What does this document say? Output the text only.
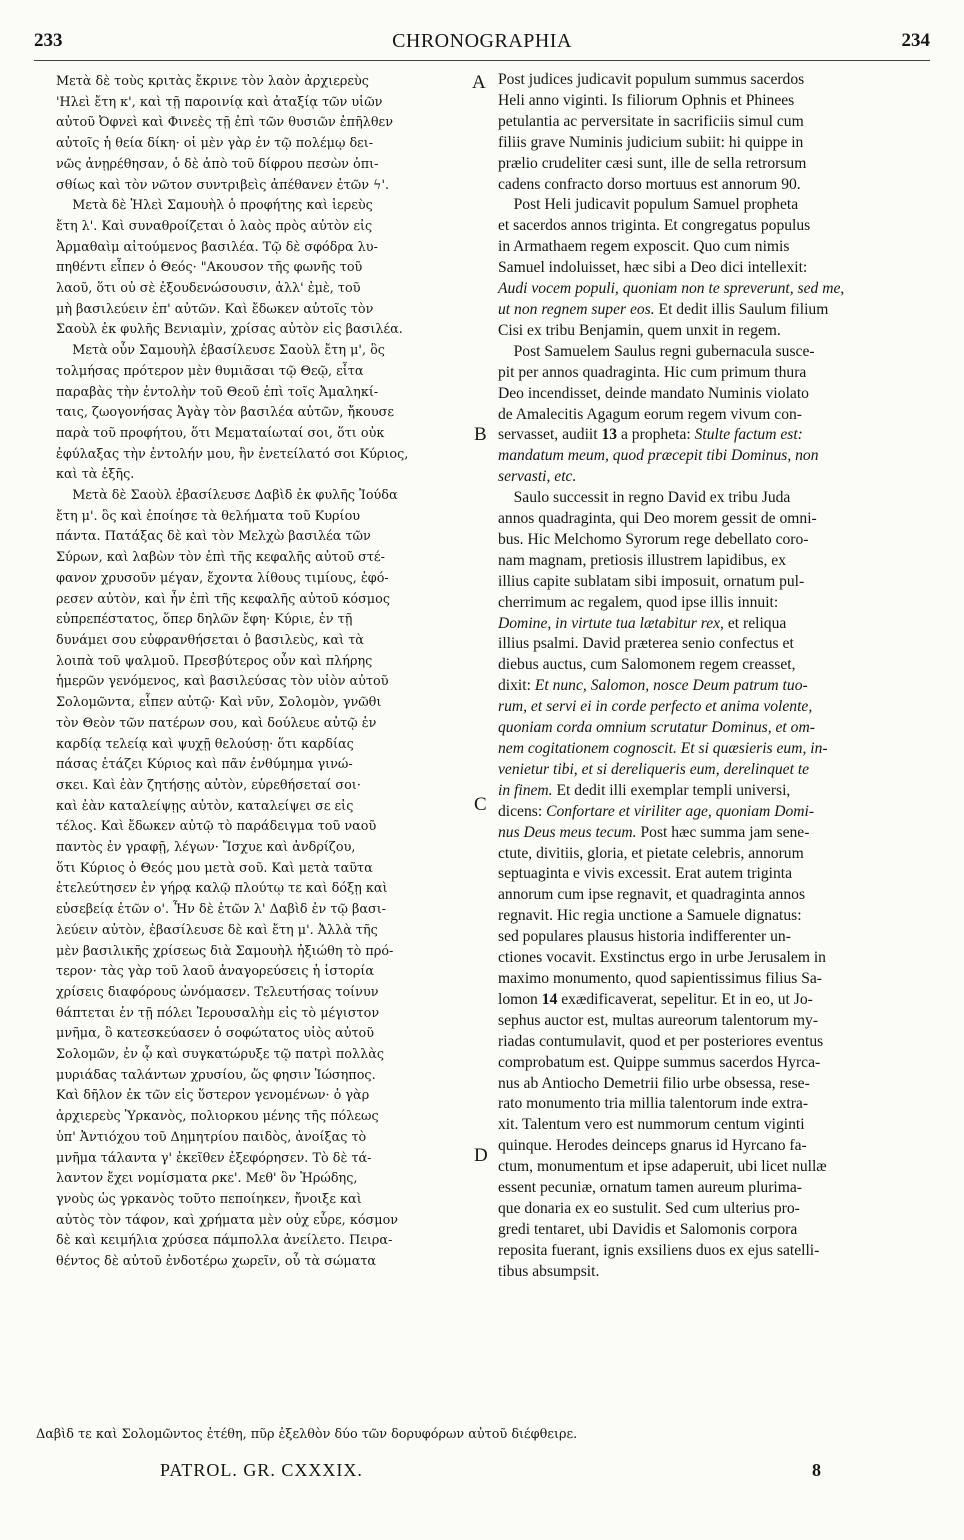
233	CHRONOGRAPHIA	234
Μετὰ δὲ τοὺς κριτὰς ἔκρινε τὸν λαὸν ἀρχιερεὺς
'Ηλεὶ ἔτη κ', καὶ τῇ παροινίᾳ καὶ ἀταξίᾳ τῶν υἱῶν
αὐτοῦ Ὀφνεὶ καὶ Φινεὲς τῇ ἐπὶ τῶν θυσιῶν ἐπῆλθεν
αὐτοῖς ἡ θεία δίκη· οἱ μὲν γὰρ ἐν τῷ πολέμῳ δει-
νῶς ἀνῃρέθησαν, ὁ δὲ ἀπὸ τοῦ δίφρου πεσὼν ὀπι-
σθίως καὶ τὸν νῶτον συντριβεὶς ἀπέθανεν ἐτῶν ϟ'.
Μετὰ δὲ Ἡλεὶ Σαμουὴλ ὁ προφήτης καὶ ἱερεὺς
ἔτη λ'. Καὶ συναθροίζεται ὁ λαὸς πρὸς αὐτὸν εἰς
Ἀρμαθαὶμ αἰτούμενος βασιλέα. Τῷ δὲ σφόδρα λυ-
πηθέντι εἶπεν ὁ Θεός· "Ακουσον τῆς φωνῆς τοῦ
λαοῦ, ὅτι οὐ σὲ ἐξουδενώσουσιν, ἀλλ' ἐμὲ, τοῦ
μὴ βασιλεύειν ἐπ' αὐτῶν. Καὶ ἔδωκεν αὐτοῖς τὸν
Σαοὺλ ἐκ φυλῆς Βενιαμὶν, χρίσας αὐτὸν εἰς βασιλέα.
Μετὰ οὖν Σαμουὴλ ἐβασίλευσε Σαοὺλ ἔτη μ', ὃς
τολμήσας πρότερον μὲν θυμιᾶσαι τῷ Θεῷ, εἶτα
παραβὰς τὴν ἐντολὴν τοῦ Θεοῦ ἐπὶ τοῖς Ἀμαληκί-
ταις, ζωογονήσας Ἀγὰγ τὸν βασιλέα αὐτῶν, ἤκουσε
παρὰ τοῦ προφήτου, ὅτι Μεματαίωταί σοι, ὅτι οὐκ
ἐφύλαξας τὴν ἐντολήν μου, ἣν ἐνετείλατό σοι Κύριος,
καὶ τὰ ἑξῆς.
Μετὰ δὲ Σαοὺλ ἐβασίλευσε Δαβὶδ ἐκ φυλῆς Ἰούδα
ἔτη μ'. ὃς καὶ ἐποίησε τὰ θελήματα τοῦ Κυρίου
πάντα. Πατάξας δὲ καὶ τὸν Μελχὼ βασιλέα τῶν
Σύρων, καὶ λαβὼν τὸν ἐπὶ τῆς κεφαλῆς αὐτοῦ στέ-
φανον χρυσοῦν μέγαν, ἔχοντα λίθους τιμίους, ἐφό-
ρεσεν αὐτὸν, καὶ ἦν ἐπὶ τῆς κεφαλῆς αὐτοῦ κόσμος
εὐπρεπέστατος, ὅπερ δηλῶν ἔφη· Κύριε, ἐν τῇ
δυνάμει σου εὐφρανθήσεται ὁ βασιλεὺς, καὶ τὰ
λοιπὰ τοῦ ψαλμοῦ. Πρεσβύτερος οὖν καὶ πλήρης
ἡμερῶν γενόμενος, καὶ βασιλεύσας τὸν υἱὸν αὐτοῦ
Σολομῶντα, εἶπεν αὐτῷ· Καὶ νῦν, Σολομὸν, γνῶθι
τὸν Θεὸν τῶν πατέρων σου, καὶ δούλευε αὐτῷ ἐν
καρδίᾳ τελείᾳ καὶ ψυχῇ θελούσῃ· ὅτι καρδίας
πάσας ἐτάζει Κύριος καὶ πᾶν ἐνθύμημα γινώ-
σκει. Καὶ ἐὰν ζητήσῃς αὐτὸν, εὑρεθήσεταί σοι·
καὶ ἐὰν καταλείψῃς αὐτὸν, καταλείψει σε εἰς
τέλος. Καὶ ἔδωκεν αὐτῷ τὸ παράδειγμα τοῦ ναοῦ
παντὸς ἐν γραφῇ, λέγων· Ἴσχυε καὶ ἀνδρίζου,
ὅτι Κύριος ὁ Θεός μου μετὰ σοῦ. Καὶ μετὰ ταῦτα
ἐτελεύτησεν ἐν γήρᾳ καλῷ πλούτῳ τε καὶ δόξῃ καὶ
εὐσεβείᾳ ἐτῶν ο'. Ἦν δὲ ἐτῶν λ' Δαβὶδ ἐν τῷ βασι-
λεύειν αὐτὸν, ἐβασίλευσε δὲ καὶ ἔτη μ'. Ἀλλὰ τῆς
μὲν βασιλικῆς χρίσεως διὰ Σαμουὴλ ἠξιώθη τὸ πρό-
τερον· τὰς γὰρ τοῦ λαοῦ ἀναγορεύσεις ἡ ἱστορία
χρίσεις διαφόρους ὠνόμασεν. Τελευτήσας τοίνυν
θάπτεται ἐν τῇ πόλει Ἱερουσαλὴμ εἰς τὸ μέγιστον
μνῆμα, ὃ κατεσκεύασεν ὁ σοφώτατος υἱὸς αὐτοῦ
Σολομῶν, ἐν ᾧ καὶ συγκατώρυξε τῷ πατρὶ πολλὰς
μυριάδας ταλάντων χρυσίου, ὥς φησιν Ἰώσηπος.
Καὶ δῆλον ἐκ τῶν εἰς ὕστερον γενομένων· ὁ γὰρ
ἀρχιερεὺς Ὑρκανὸς, πολιορκου μένης τῆς πόλεως
ὑπ' Ἀντιόχου τοῦ Δημητρίου παιδὸς, ἀνοίξας τὸ
μνῆμα τάλαντα γ' ἐκεῖθεν ἐξεφόρησεν. Τὸ δὲ τά-
λαντον ἔχει νομίσματα ρκε'. Μεθ' ὃν Ἡρώδης,
γνοὺς ὡς γρκανὸς τοῦτο πεποίηκεν, ἤνοιξε καὶ
αὐτὸς τὸν τάφον, καὶ χρήματα μὲν οὐχ εὗρε, κόσμον
δὲ καὶ κειμήλια χρύσεα πάμπολλα ἀνείλετο. Πειρα-
θέντος δὲ αὐτοῦ ἐνδοτέρω χωρεῖν, οὗ τὰ σώματα
A
B
C
D
Post judices judicavit populum summus sacerdos
Heli anno viginti. Is filiorum Ophnis et Phinees
petulantia ac perversitate in sacrificiis simul cum
filiis grave Numinis judicium subiit: hi quippe in
prælio crudeliter cæsi sunt, ille de sella retrorsum
cadens confracto dorso mortuus est annorum 90.
Post Heli judicavit populum Samuel propheta
et sacerdos annos triginta. Et congregatus populus
in Armathaem regem exposcit. Quo cum nimis
Samuel indoluisset, hæc sibi a Deo dici intellexit:
Audi vocem populi, quoniam non te spreverunt, sed me,
ut non regnem super eos. Et dedit illis Saulum filium
Cisi ex tribu Benjamin, quem unxit in regem.
Post Samuelem Saulus regni gubernacula susce-
pit per annos quadraginta. Hic cum primum thura
Deo incendisset, deinde mandato Numinis violato
de Amalecitis Agagum eorum regem vivum con-
servasset, audiit 13 a propheta: Stulte factum est:
mandatum meum, quod præcepit tibi Dominus, non
servasti, etc.
Saulo successit in regno David ex tribu Juda
annos quadraginta, qui Deo morem gessit de omni-
bus. Hic Melchomo Syrorum rege debellato coro-
nam magnam, pretiosis illustrem lapidibus, ex
illius capite sublatam sibi imposuit, ornatum pul-
cherrimum ac regalem, quod ipse illis innuit:
Domine, in virtute tua lætabitur rex, et reliqua
illius psalmi. David præterea senio confectus et
diebus auctus, cum Salomonem regem creasset,
dixit: Et nunc, Salomon, nosce Deum patrum tuo-
rum, et servi ei in corde perfecto et anima volente,
quoniam corda omnium scrutatur Dominus, et om-
nem cogitationem cognoscit. Et si quæsieris eum, in-
venietur tibi, et si dereliqueris eum, derelinquet te
in finem. Et dedit illi exemplar templi universi,
dicens: Confortare et viriliter age, quoniam Domi-
nus Deus meus tecum. Post hæc summa jam sene-
ctute, divitiis, gloria, et pietate celebris, annorum
septuaginta e vivis excessit. Erat autem triginta
annorum cum ipse regnavit, et quadraginta annos
regnavit. Hic regia unctione a Samuele dignatus:
sed populares plausus historia indifferenter un-
ctiones vocavit. Exstinctus ergo in urbe Jerusalem in
maximo monumento, quod sapientissimus filius Sa-
lomon 14 exædificaverat, sepelitur. Et in eo, ut Jo-
sephus auctor est, multas aureorum talentorum my-
riadas contumulavit, quod et per posteriores eventus
comprobatum est. Quippe summus sacerdos Hyrca-
nus ab Antiocho Demetrii filio urbe obsessa, rese-
rato monumento tria millia talentorum inde extra-
xit. Talentum vero est nummorum centum viginti
quinque. Herodes deinceps gnarus id Hyrcano fa-
ctum, monumentum et ipse adaperuit, ubi licet nullæ
essent pecuniæ, ornatum tamen aureum plurima-
que donaria ex eo sustulit. Sed cum ulterius pro-
gredi tentaret, ubi Davidis et Salomonis corpora
reposita fuerant, ignis exsiliens duos ex ejus satelli-
tibus absumpsit.
Δαβὶδ τε καὶ Σολομῶντος ἐτέθη, πῦρ ἐξελθὸν δύο τῶν δορυφόρων αὐτοῦ διέφθειρε.
PATROL. GR. CXXXIX.	8
